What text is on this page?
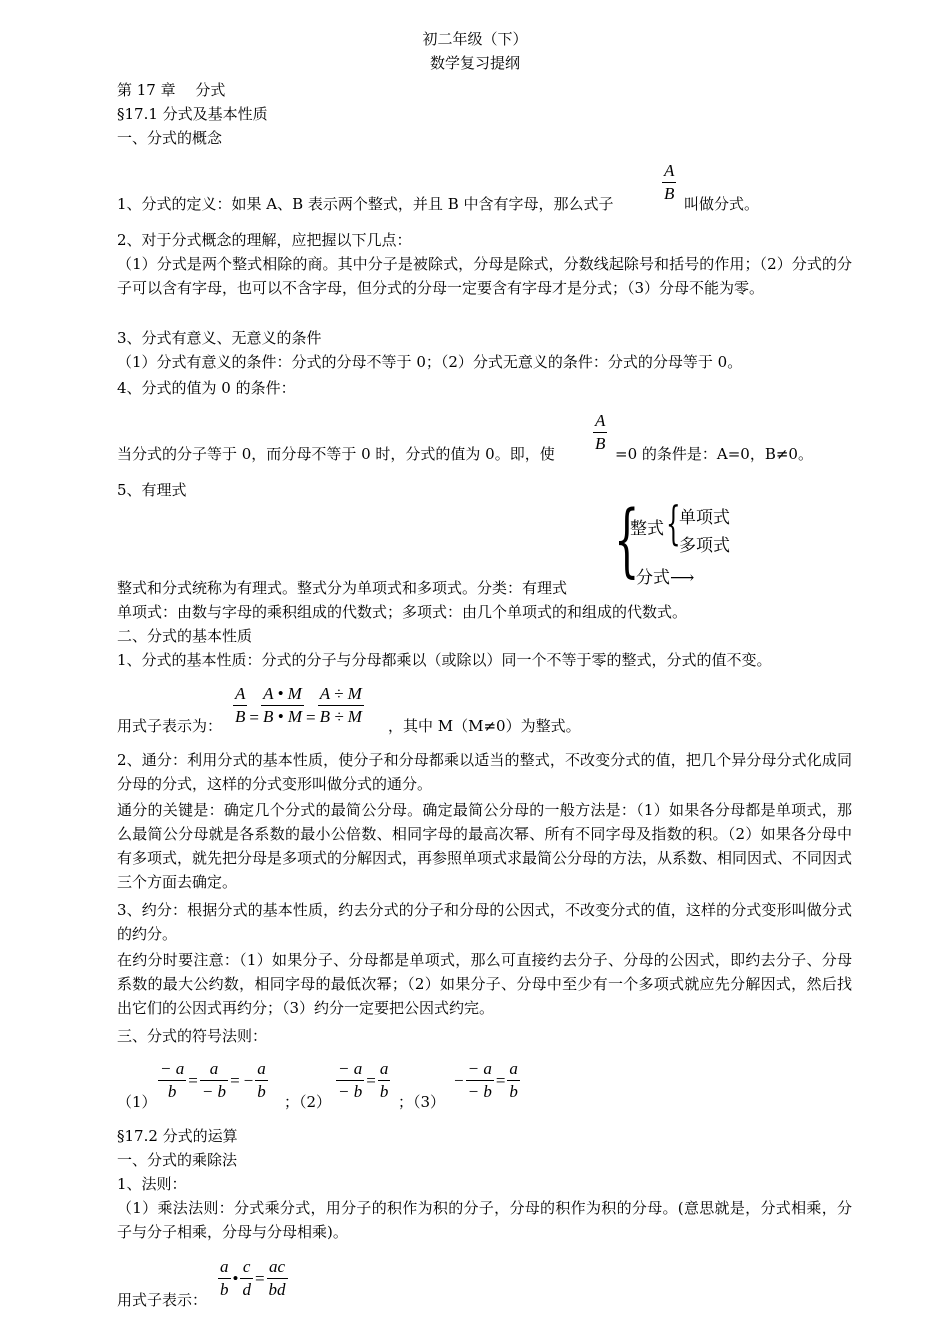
初二年级（下）
数学复习提纲
第 17 章　 分式
§17.1 分式及基本性质
一、分式的概念
1、分式的定义：如果 A、B 表示两个整式，并且 B 中含有字母，那么式子	$\frac{A}{B}$ 叫做分式。
2、对于分式概念的理解，应把握以下几点：
（1）分式是两个整式相除的商。其中分子是被除式，分母是除式，分数线起除号和括号的作用；（2）分式的分子可以含有字母，也可以不含字母，但分式的分母一定要含有字母才是分式；（3）分母不能为零。
3、分式有意义、无意义的条件
（1）分式有意义的条件：分式的分母不等于 0；（2）分式无意义的条件：分式的分母等于 0。
4、分式的值为 0 的条件：
当分式的分子等于 0，而分母不等于 0 时，分式的值为 0。即，使 $\frac{A}{B} =0$ 的条件是：A=0，B≠0。
5、有理式
{
整式 {
单项式
多项式
分式⟶
整式和分式统称为有理式。整式分为单项式和多项式。分类：有理式
单项式：由数与字母的乘积组成的代数式；多项式：由几个单项式的和组成的代数式。
二、分式的基本性质
1、分式的基本性质：分式的分子与分母都乘以（或除以）同一个不等于零的整式，分式的值不变。
用式子表示为： $\frac{A}{B} = \frac{A • M}{B • M} = \frac{A \div M}{B \div M}$ ，其中 M（M≠0）为整式。
2、通分：利用分式的基本性质，使分子和分母都乘以适当的整式，不改变分式的值，把几个异分母分式化成同分母的分式，这样的分式变形叫做分式的通分。
通分的关键是：确定几个分式的最简公分母。确定最简公分母的一般方法是：（1）如果各分母都是单项式，那么最简公分母就是各系数的最小公倍数、相同字母的最高次幂、所有不同字母及指数的积。（2）如果各分母中有多项式，就先把分母是多项式的分解因式，再参照单项式求最简公分母的方法，从系数、相同因式、不同因式三个方面去确定。
3、约分：根据分式的基本性质，约去分式的分子和分母的公因式，不改变分式的值，这样的分式变形叫做分式的约分。
在约分时要注意：（1）如果分子、分母都是单项式，那么可直接约去分子、分母的公因式，即约去分子、分母系数的最大公约数，相同字母的最低次幂；（2）如果分子、分母中至少有一个多项式就应先分解因式，然后找出它们的公因式再约分；（3）约分一定要把公因式约完。
三、分式的符号法则：
$(1) \frac{- a}{b} = \frac{a}{- b}$ = − $\frac{a}{b}$ ；$(2) \frac{- a}{- b} = \frac{a}{b}$ ；（3）
− $\frac{- a}{- b} = \frac{a}{b}$
§17.2 分式的运算
一、分式的乘除法
1、法则：
（1）乘法法则：分式乘分式，用分子的积作为积的分子，分母的积作为积的分母。(意思就是，分式相乘，分子与分子相乘，分母与分母相乘)。
用式子表示： $\frac{a}{b}$ • $\frac{c}{d} = \frac{ac}{bd}$
